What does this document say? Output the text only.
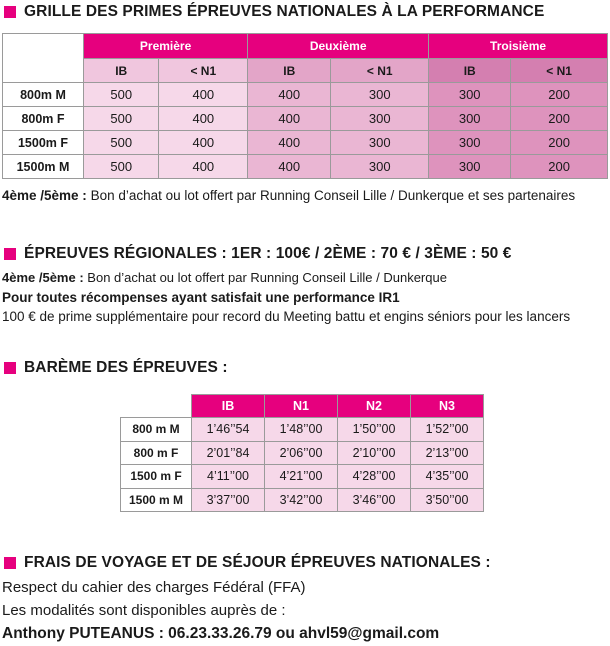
GRILLE DES PRIMES ÉPREUVES NATIONALES À LA PERFORMANCE
	Première		Deuxième		Troisième	
	IB	< N1	IB	< N1	IB	< N1
800m M	500	400	400	300	300	200
800m F	500	400	400	300	300	200
1500m F	500	400	400	300	300	200
1500m M	500	400	400	300	300	200
4ème /5ème : Bon d’achat ou lot offert par Running Conseil Lille / Dunkerque et ses partenaires
ÉPREUVES RÉGIONALES : 1ER : 100€ / 2ÈME : 70 € / 3ÈME : 50 €
4ème /5ème : Bon d’achat ou lot offert par Running Conseil Lille / Dunkerque
Pour toutes récompenses ayant satisfait une performance IR1
100 € de prime supplémentaire pour record du Meeting battu et engins séniors pour les lancers
BARÈME DES ÉPREUVES :
	IB	N1	N2	N3
800 m M	1’46’’54	1’48’’00	1’50’’00	1’52’’00
800 m F	2’01’’84	2’06’’00	2’10’’00	2’13’’00
1500 m F	4’11’’00	4’21’’00	4’28’’00	4’35’’00
1500 m M	3’37’’00	3’42’’00	3’46’’00	3’50’’00
FRAIS DE VOYAGE ET DE SÉJOUR ÉPREUVES NATIONALES :
Respect du cahier des charges Fédéral (FFA)
Les modalités sont disponibles auprès de :
Anthony PUTEANUS : 06.23.33.26.79 ou ahvl59@gmail.com
